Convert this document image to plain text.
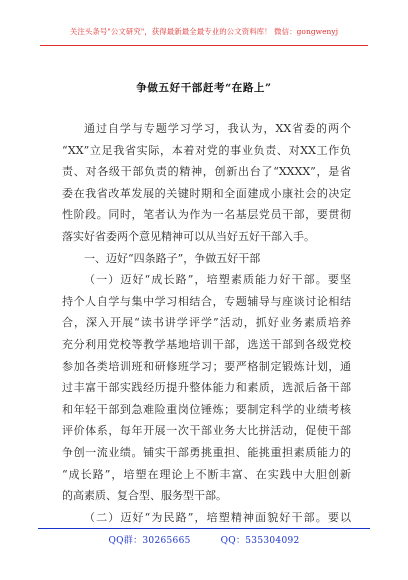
关注头条号"公文研究"，获得最新最全最专业的公文资料库！ 微信：gongwenyj
争做五好干部赶考“在路上”
通过自学与专题学习学习，我认为，XX省委的两个
“XX”立足我省实际，本着对党的事业负责、对XX工作负
责、对各级干部负责的精神，创新出台了“XXXX”，是省
委在我省改革发展的关键时期和全面建成小康社会的决定
性阶段。同时，笔者认为作为一名基层党员干部，要贯彻
落实好省委两个意见精神可以从当好五好干部入手。
一、迈好“四条路子”，争做五好干部
（一）迈好“成长路”，培塑素质能力好干部。要坚
持个人自学与集中学习相结合，专题辅导与座谈讨论相结
合，深入开展“读书讲学评学”活动，抓好业务素质培养
充分利用党校等教学基地培训干部，选送干部到各级党校
参加各类培训班和研修班学习；要严格制定锻炼计划，通
过丰富干部实践经历提升整体能力和素质，选派后备干部
和年轻干部到急难险重岗位锤炼；要制定科学的业绩考核
评价体系，每年开展一次干部业务大比拼活动，促使干部
争创一流业绩。铺实干部勇挑重担、能挑重担素质能力的
“成长路”，培塑在理论上不断丰富、在实践中大胆创新
的高素质、复合型、服务型干部。
（二）迈好“为民路”，培塑精神面貌好干部。要以
QQ群：30265665	QQ：535304092
